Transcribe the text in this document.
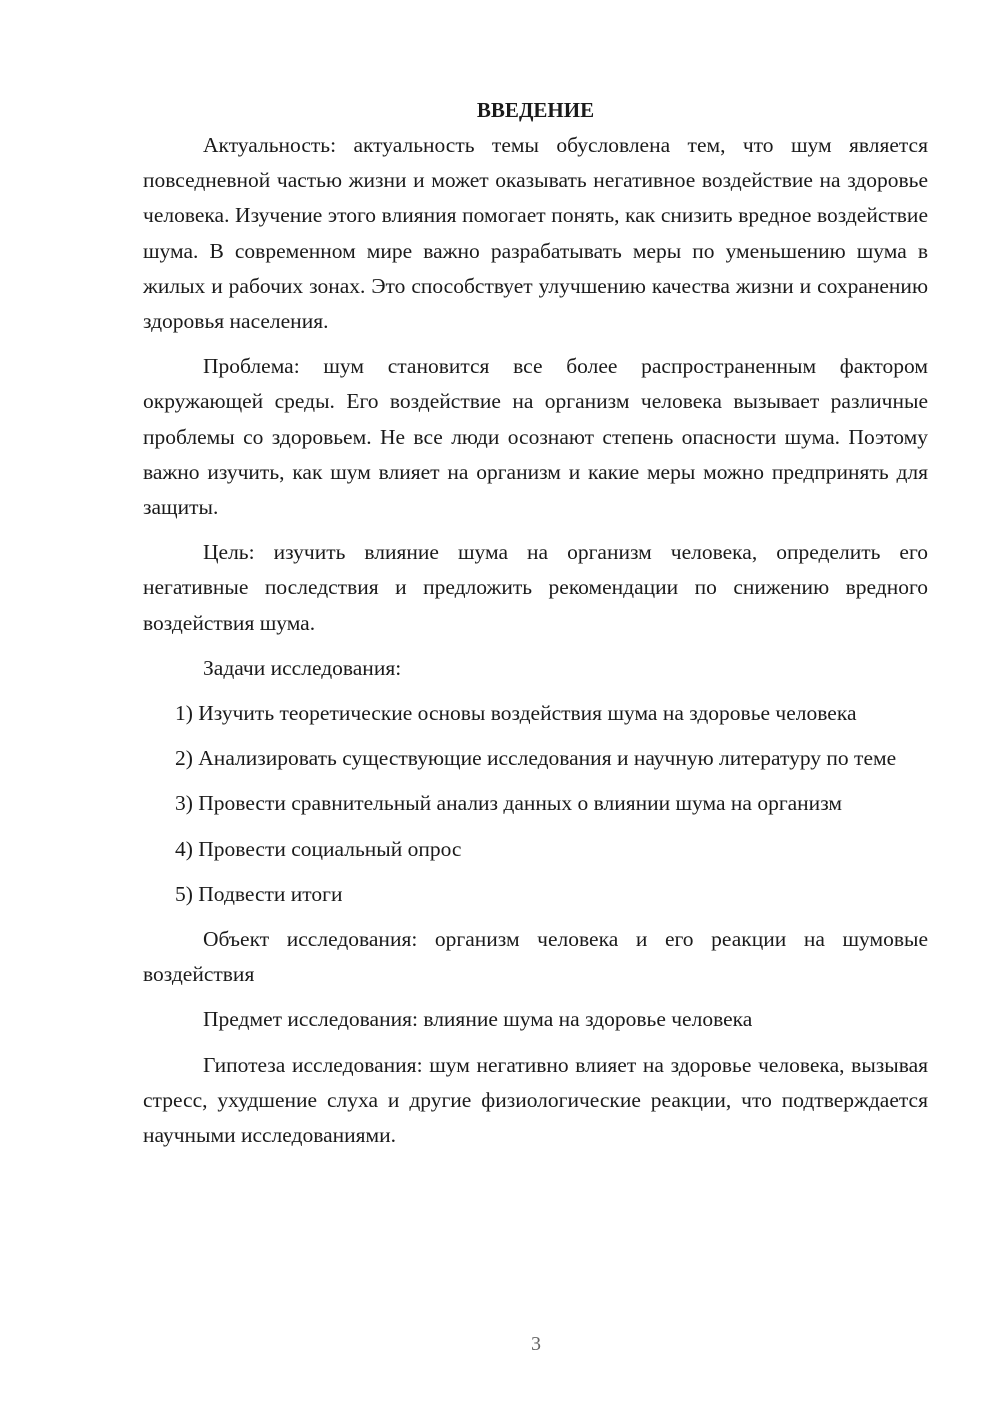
ВВЕДЕНИЕ

Актуальность: актуальность темы обусловлена тем, что шум является повседневной частью жизни и может оказывать негативное воздействие на здоровье человека. Изучение этого влияния помогает понять, как снизить вредное воздействие шума. В современном мире важно разрабатывать меры по уменьшению шума в жилых и рабочих зонах. Это способствует улучшению качества жизни и сохранению здоровья населения.

Проблема: шум становится все более распространенным фактором окружающей среды. Его воздействие на организм человека вызывает различные проблемы со здоровьем. Не все люди осознают степень опасности шума. Поэтому важно изучить, как шум влияет на организм и какие меры можно предпринять для защиты.

Цель: изучить влияние шума на организм человека, определить его негативные последствия и предложить рекомендации по снижению вредного воздействия шума.

Задачи исследования:

1) Изучить теоретические основы воздействия шума на здоровье человека

2) Анализировать существующие исследования и научную литературу по теме

3) Провести сравнительный анализ данных о влиянии шума на организм

4) Провести социальный опрос

5) Подвести итоги

Объект исследования: организм человека и его реакции на шумовые воздействия

Предмет исследования: влияние шума на здоровье человека

Гипотеза исследования: шум негативно влияет на здоровье человека, вызывая стресс, ухудшение слуха и другие физиологические реакции, что подтверждается научными исследованиями.

3
